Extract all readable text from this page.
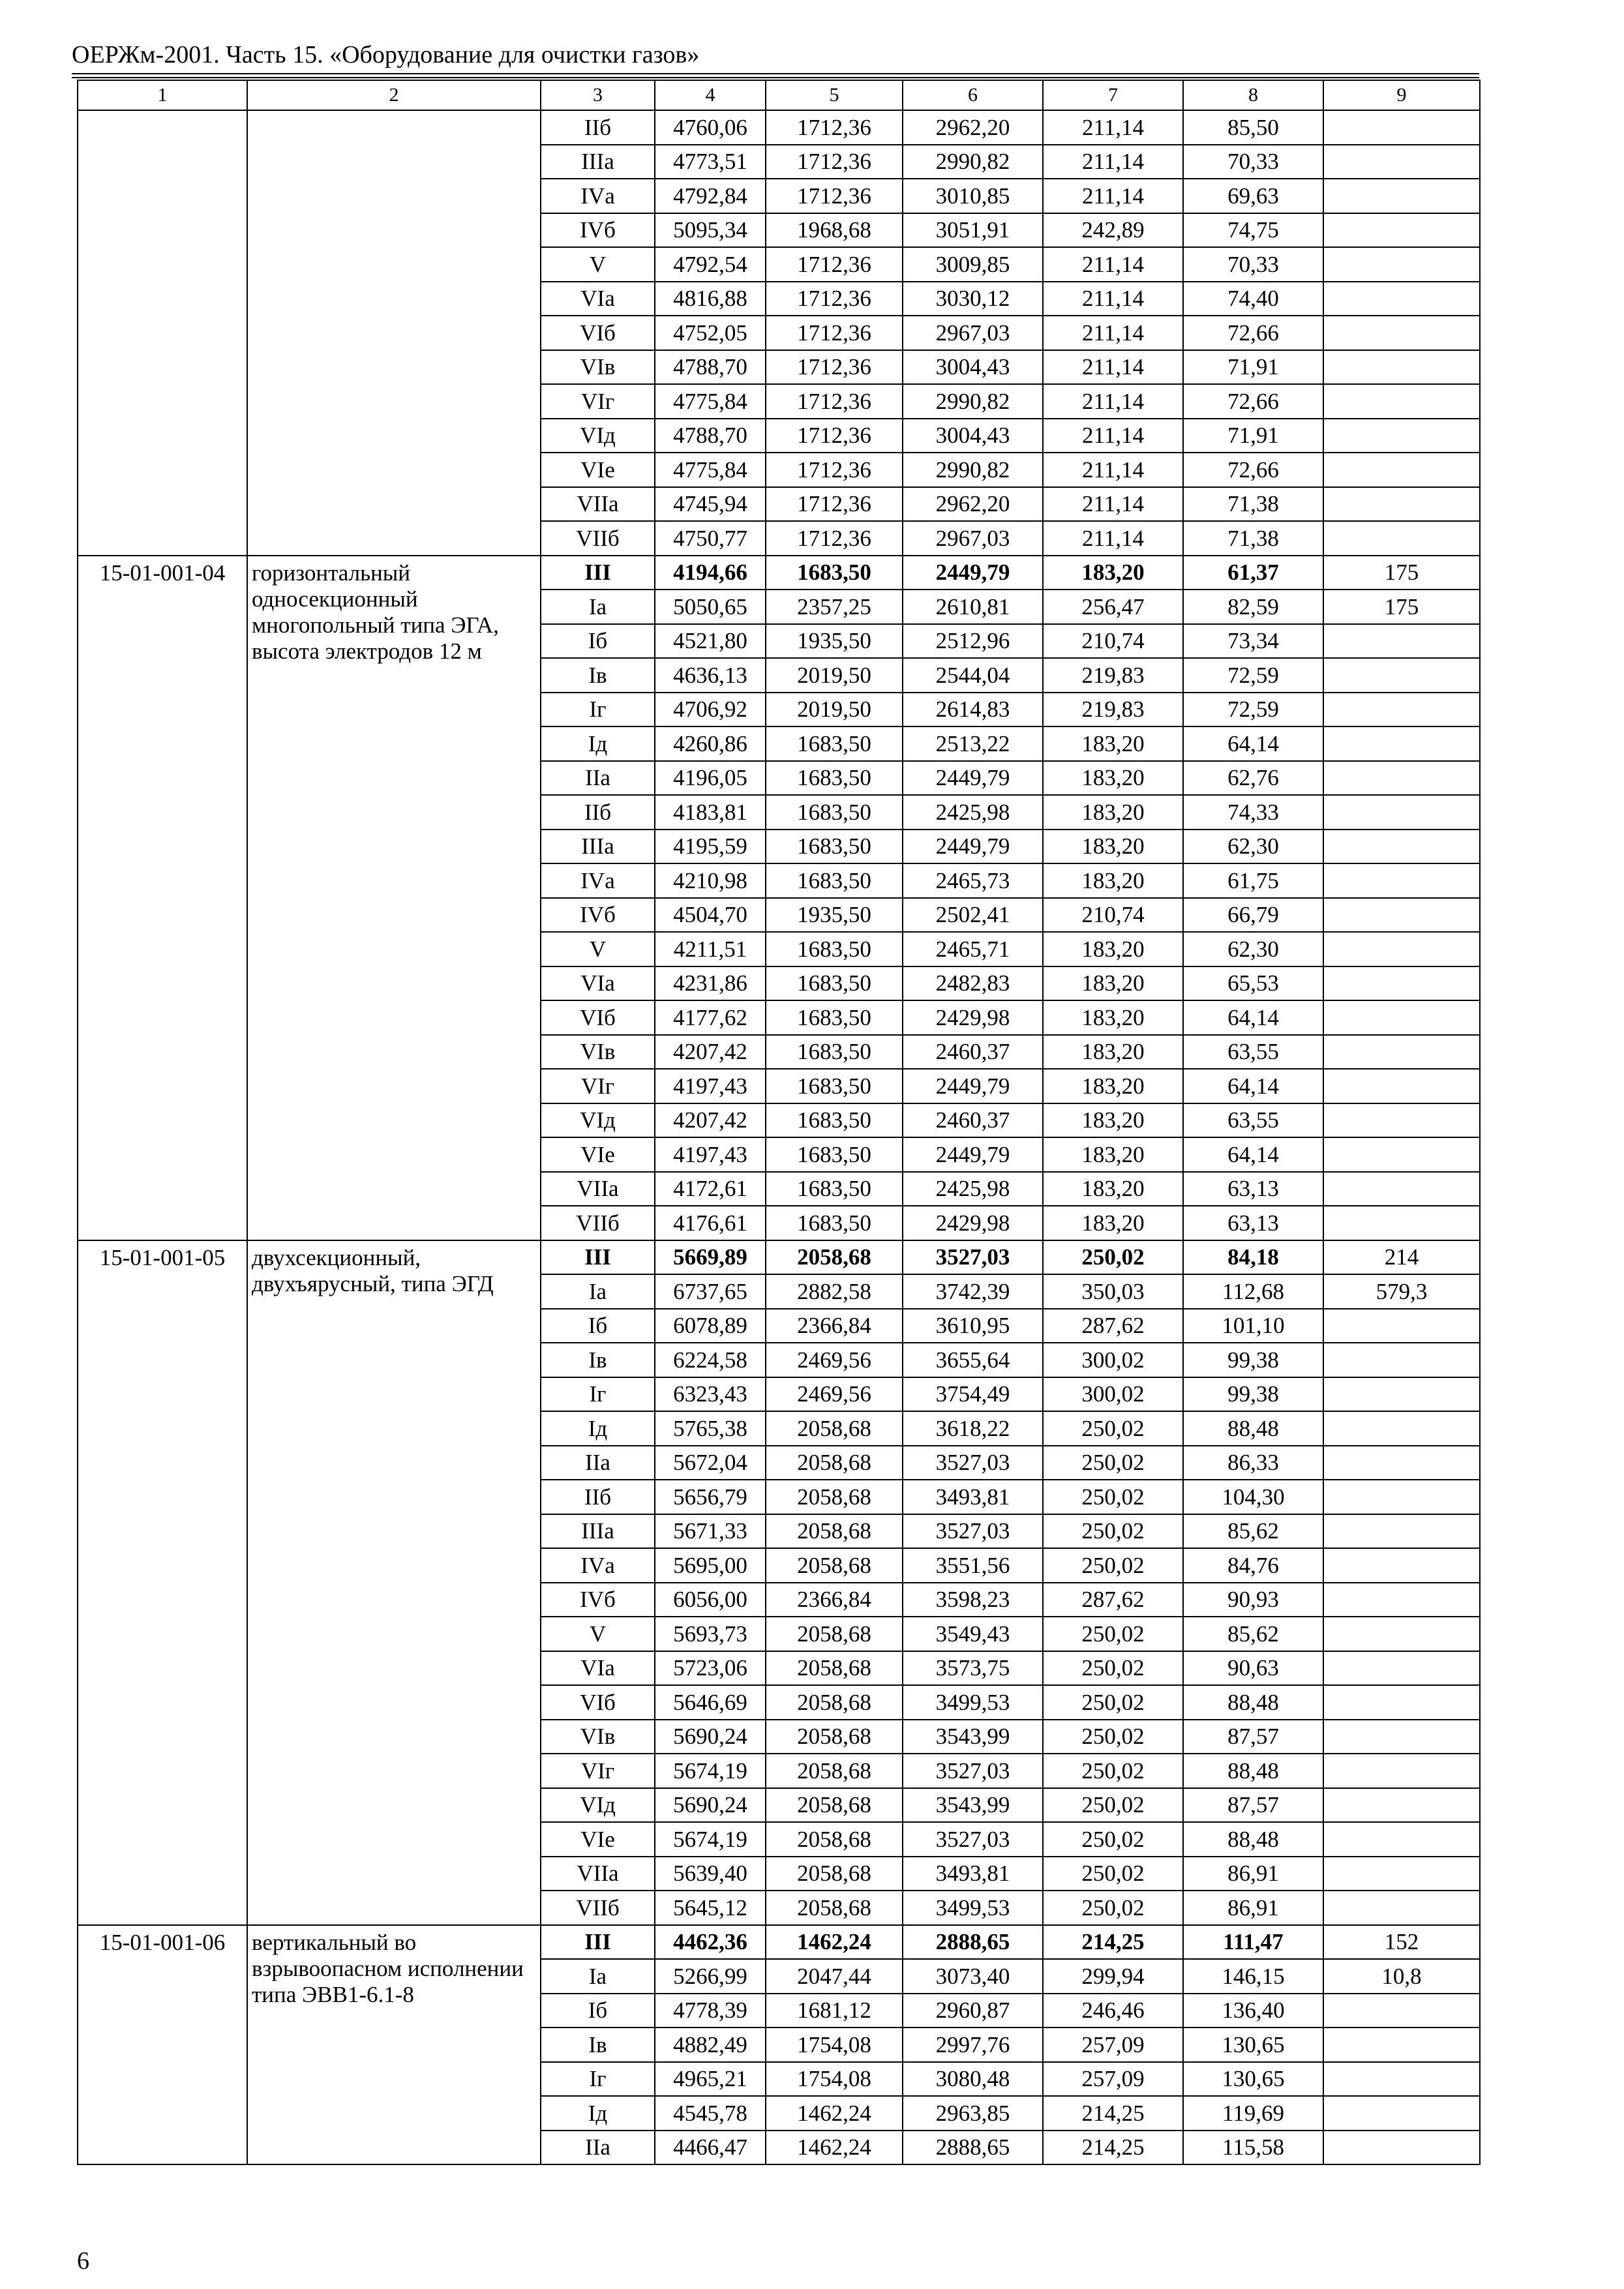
ОЕРЖм-2001. Часть 15. «Оборудование для очистки газов»
1	2	3	4	5	6	7	8	9
		IIб	4760,06	1712,36	2962,20	211,14	85,50	
		IIIа	4773,51	1712,36	2990,82	211,14	70,33	
		IVа	4792,84	1712,36	3010,85	211,14	69,63	
		IVб	5095,34	1968,68	3051,91	242,89	74,75	
		V	4792,54	1712,36	3009,85	211,14	70,33	
		VIа	4816,88	1712,36	3030,12	211,14	74,40	
		VIб	4752,05	1712,36	2967,03	211,14	72,66	
		VIв	4788,70	1712,36	3004,43	211,14	71,91	
		VIг	4775,84	1712,36	2990,82	211,14	72,66	
		VIд	4788,70	1712,36	3004,43	211,14	71,91	
		VIе	4775,84	1712,36	2990,82	211,14	72,66	
		VIIа	4745,94	1712,36	2962,20	211,14	71,38	
		VIIб	4750,77	1712,36	2967,03	211,14	71,38	
15-01-001-04	горизонтальный односекционный многопольный типа ЭГА, высота электродов 12 м	III	4194,66	1683,50	2449,79	183,20	61,37	175
		Iа	5050,65	2357,25	2610,81	256,47	82,59	175
		Iб	4521,80	1935,50	2512,96	210,74	73,34	
		Iв	4636,13	2019,50	2544,04	219,83	72,59	
		Iг	4706,92	2019,50	2614,83	219,83	72,59	
		Iд	4260,86	1683,50	2513,22	183,20	64,14	
		IIа	4196,05	1683,50	2449,79	183,20	62,76	
		IIб	4183,81	1683,50	2425,98	183,20	74,33	
		IIIа	4195,59	1683,50	2449,79	183,20	62,30	
		IVа	4210,98	1683,50	2465,73	183,20	61,75	
		IVб	4504,70	1935,50	2502,41	210,74	66,79	
		V	4211,51	1683,50	2465,71	183,20	62,30	
		VIа	4231,86	1683,50	2482,83	183,20	65,53	
		VIб	4177,62	1683,50	2429,98	183,20	64,14	
		VIв	4207,42	1683,50	2460,37	183,20	63,55	
		VIг	4197,43	1683,50	2449,79	183,20	64,14	
		VIд	4207,42	1683,50	2460,37	183,20	63,55	
		VIе	4197,43	1683,50	2449,79	183,20	64,14	
		VIIа	4172,61	1683,50	2425,98	183,20	63,13	
		VIIб	4176,61	1683,50	2429,98	183,20	63,13	
15-01-001-05	двухсекционный, двухъярусный, типа ЭГД	III	5669,89	2058,68	3527,03	250,02	84,18	214
		Iа	6737,65	2882,58	3742,39	350,03	112,68	579,3
		Iб	6078,89	2366,84	3610,95	287,62	101,10	
		Iв	6224,58	2469,56	3655,64	300,02	99,38	
		Iг	6323,43	2469,56	3754,49	300,02	99,38	
		Iд	5765,38	2058,68	3618,22	250,02	88,48	
		IIа	5672,04	2058,68	3527,03	250,02	86,33	
		IIб	5656,79	2058,68	3493,81	250,02	104,30	
		IIIа	5671,33	2058,68	3527,03	250,02	85,62	
		IVа	5695,00	2058,68	3551,56	250,02	84,76	
		IVб	6056,00	2366,84	3598,23	287,62	90,93	
		V	5693,73	2058,68	3549,43	250,02	85,62	
		VIа	5723,06	2058,68	3573,75	250,02	90,63	
		VIб	5646,69	2058,68	3499,53	250,02	88,48	
		VIв	5690,24	2058,68	3543,99	250,02	87,57	
		VIг	5674,19	2058,68	3527,03	250,02	88,48	
		VIд	5690,24	2058,68	3543,99	250,02	87,57	
		VIе	5674,19	2058,68	3527,03	250,02	88,48	
		VIIа	5639,40	2058,68	3493,81	250,02	86,91	
		VIIб	5645,12	2058,68	3499,53	250,02	86,91	
15-01-001-06	вертикальный во взрывоопасном исполнении типа ЭВВ1-6.1-8	III	4462,36	1462,24	2888,65	214,25	111,47	152
		Iа	5266,99	2047,44	3073,40	299,94	146,15	10,8
		Iб	4778,39	1681,12	2960,87	246,46	136,40	
		Iв	4882,49	1754,08	2997,76	257,09	130,65	
		Iг	4965,21	1754,08	3080,48	257,09	130,65	
		Iд	4545,78	1462,24	2963,85	214,25	119,69	
		IIа	4466,47	1462,24	2888,65	214,25	115,58	
6
